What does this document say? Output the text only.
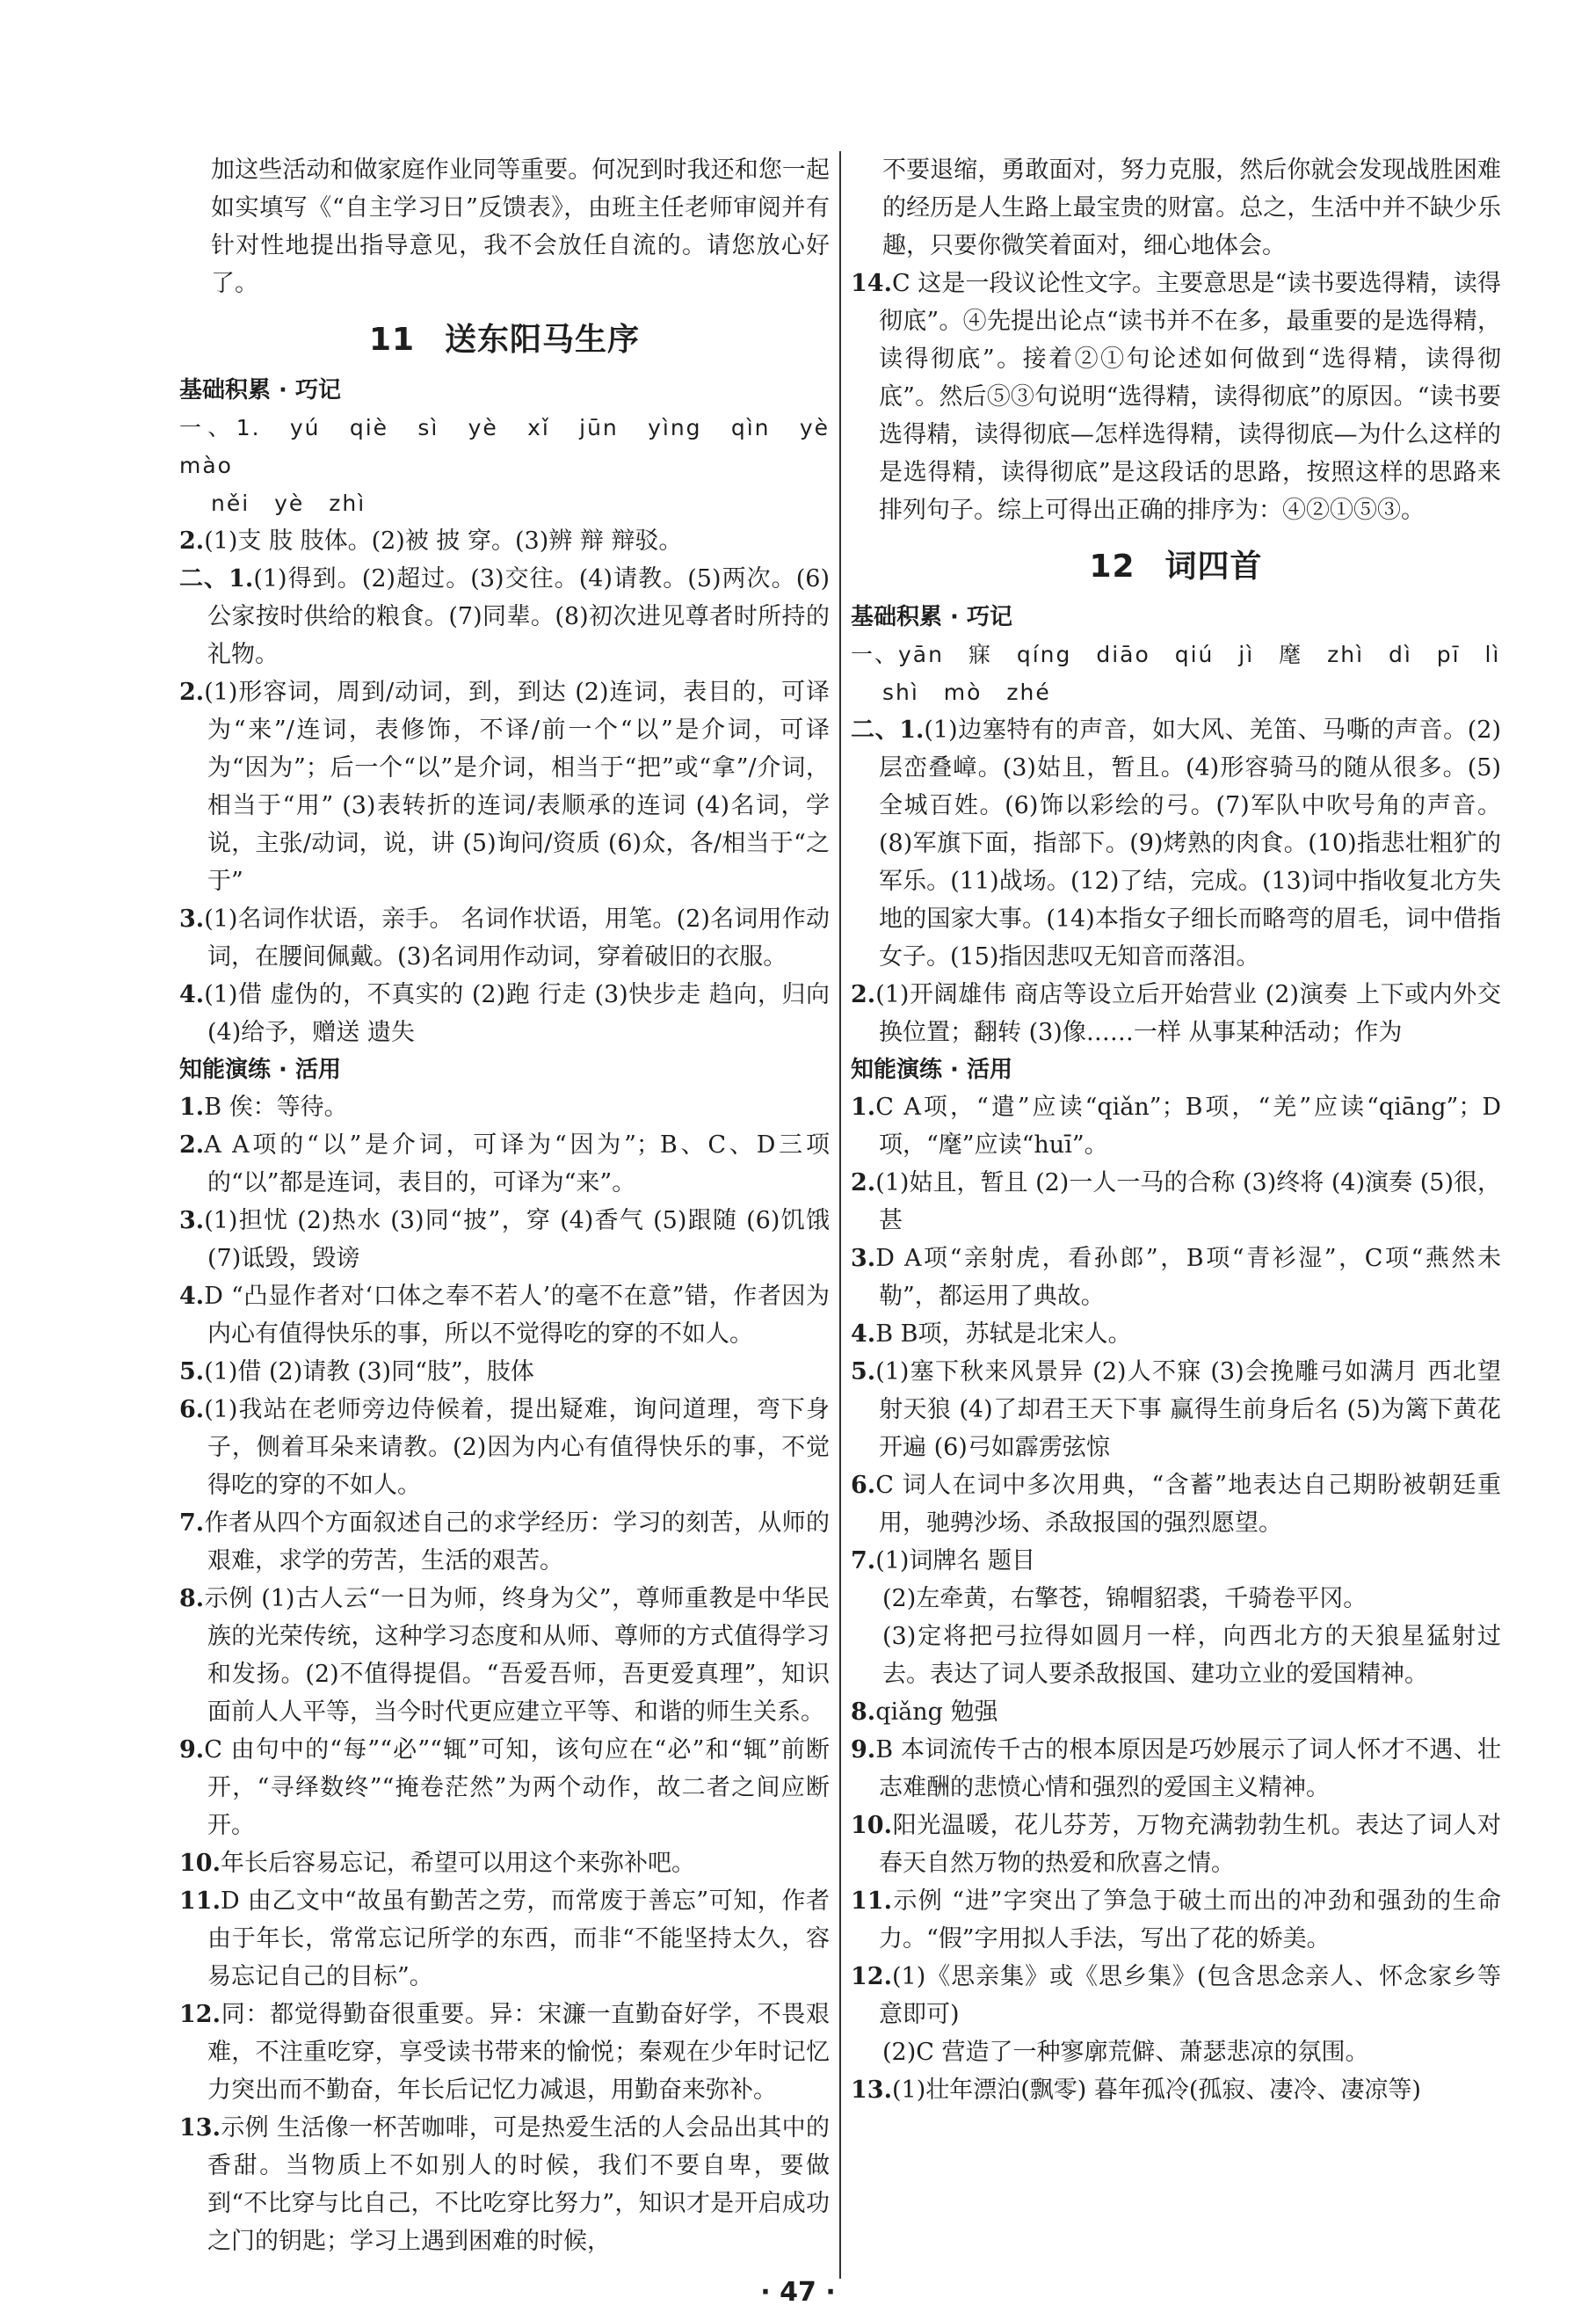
加这些活动和做家庭作业同等重要。何况到时我还和您一起如实填写《“自主学习日”反馈表》，由班主任老师审阅并有针对性地提出指导意见，我不会放任自流的。请您放心好了。

11 送东阳马生序
基础积累 · 巧记

一、1. yú qiè sì yè xǐ jūn yìng qìn yè mào

něi yè zhì

2.(1)支 肢 肢体。(2)被 披 穿。(3)辨 辩 辩驳。

二、1.(1)得到。(2)超过。(3)交往。(4)请教。(5)两次。(6)公家按时供给的粮食。(7)同辈。(8)初次进见尊者时所持的礼物。

2.(1)形容词，周到/动词，到，到达 (2)连词，表目的，可译为“来”/连词，表修饰，不译/前一个“以”是介词，可译为“因为”；后一个“以”是介词，相当于“把”或“拿”/介词，相当于“用” (3)表转折的连词/表顺承的连词 (4)名词，学说，主张/动词，说，讲 (5)询问/资质 (6)众，各/相当于“之于”

3.(1)名词作状语，亲手。 名词作状语，用笔。(2)名词用作动词，在腰间佩戴。(3)名词用作动词，穿着破旧的衣服。

4.(1)借 虚伪的，不真实的 (2)跑 行走 (3)快步走 趋向，归向 (4)给予，赠送 遗失

知能演练 · 活用

1.B 俟：等待。

2.A A项的“以”是介词，可译为“因为”；B、C、D三项的“以”都是连词，表目的，可译为“来”。

3.(1)担忧 (2)热水 (3)同“披”，穿 (4)香气 (5)跟随 (6)饥饿 (7)诋毁，毁谤

4.D “凸显作者对‘口体之奉不若人’的毫不在意”错，作者因为内心有值得快乐的事，所以不觉得吃的穿的不如人。

5.(1)借 (2)请教 (3)同“肢”，肢体

6.(1)我站在老师旁边侍候着，提出疑难，询问道理，弯下身子，侧着耳朵来请教。(2)因为内心有值得快乐的事，不觉得吃的穿的不如人。

7.作者从四个方面叙述自己的求学经历：学习的刻苦，从师的艰难，求学的劳苦，生活的艰苦。

8.示例 (1)古人云“一日为师，终身为父”，尊师重教是中华民族的光荣传统，这种学习态度和从师、尊师的方式值得学习和发扬。(2)不值得提倡。“吾爱吾师，吾更爱真理”，知识面前人人平等，当今时代更应建立平等、和谐的师生关系。

9.C 由句中的“每”“必”“辄”可知，该句应在“必”和“辄”前断开，“寻绎数终”“掩卷茫然”为两个动作，故二者之间应断开。

10.年长后容易忘记，希望可以用这个来弥补吧。

11.D 由乙文中“故虽有勤苦之劳，而常废于善忘”可知，作者由于年长，常常忘记所学的东西，而非“不能坚持太久，容易忘记自己的目标”。

12.同：都觉得勤奋很重要。异：宋濂一直勤奋好学，不畏艰难，不注重吃穿，享受读书带来的愉悦；秦观在少年时记忆力突出而不勤奋，年长后记忆力减退，用勤奋来弥补。

13.示例 生活像一杯苦咖啡，可是热爱生活的人会品出其中的香甜。当物质上不如别人的时候，我们不要自卑，要做到“不比穿与比自己，不比吃穿比努力”，知识才是开启成功之门的钥匙；学习上遇到困难的时候，

不要退缩，勇敢面对，努力克服，然后你就会发现战胜困难的经历是人生路上最宝贵的财富。总之，生活中并不缺少乐趣，只要你微笑着面对，细心地体会。

14.C 这是一段议论性文字。主要意思是“读书要选得精，读得彻底”。④先提出论点“读书并不在多，最重要的是选得精，读得彻底”。接着②①句论述如何做到“选得精，读得彻底”。然后⑤③句说明“选得精，读得彻底”的原因。“读书要选得精，读得彻底—怎样选得精，读得彻底—为什么这样的是选得精，读得彻底”是这段话的思路，按照这样的思路来排列句子。综上可得出正确的排序为：④②①⑤③。

12 词四首
基础积累 · 巧记

一、yān 寐 qíng diāo qiú jì 麾 zhì dì pī lì

shì mò zhé

二、1.(1)边塞特有的声音，如大风、羌笛、马嘶的声音。(2)层峦叠嶂。(3)姑且，暂且。(4)形容骑马的随从很多。(5)全城百姓。(6)饰以彩绘的弓。(7)军队中吹号角的声音。(8)军旗下面，指部下。(9)烤熟的肉食。(10)指悲壮粗犷的军乐。(11)战场。(12)了结，完成。(13)词中指收复北方失地的国家大事。(14)本指女子细长而略弯的眉毛，词中借指女子。(15)指因悲叹无知音而落泪。

2.(1)开阔雄伟 商店等设立后开始营业 (2)演奏 上下或内外交换位置；翻转 (3)像……一样 从事某种活动；作为

知能演练 · 活用

1.C A项，“遣”应读“qiǎn”；B项，“羌”应读“qiāng”；D项，“麾”应读“huī”。

2.(1)姑且，暂且 (2)一人一马的合称 (3)终将 (4)演奏 (5)很，甚

3.D A项“亲射虎，看孙郎”，B项“青衫湿”，C项“燕然未勒”，都运用了典故。

4.B B项，苏轼是北宋人。

5.(1)塞下秋来风景异 (2)人不寐 (3)会挽雕弓如满月 西北望 射天狼 (4)了却君王天下事 赢得生前身后名 (5)为篱下黄花开遍 (6)弓如霹雳弦惊

6.C 词人在词中多次用典，“含蓄”地表达自己期盼被朝廷重用，驰骋沙场、杀敌报国的强烈愿望。

7.(1)词牌名 题目

(2)左牵黄，右擎苍，锦帽貂裘，千骑卷平冈。

(3)定将把弓拉得如圆月一样，向西北方的天狼星猛射过去。表达了词人要杀敌报国、建功立业的爱国精神。

8.qiǎng 勉强

9.B 本词流传千古的根本原因是巧妙展示了词人怀才不遇、壮志难酬的悲愤心情和强烈的爱国主义精神。

10.阳光温暖，花儿芬芳，万物充满勃勃生机。表达了词人对春天自然万物的热爱和欣喜之情。

11.示例 “进”字突出了笋急于破土而出的冲劲和强劲的生命力。“假”字用拟人手法，写出了花的娇美。

12.(1)《思亲集》或《思乡集》(包含思念亲人、怀念家乡等意即可)

(2)C 营造了一种寥廓荒僻、萧瑟悲凉的氛围。

13.(1)壮年漂泊(飘零) 暮年孤冷(孤寂、凄冷、凄凉等)

· 47 ·
